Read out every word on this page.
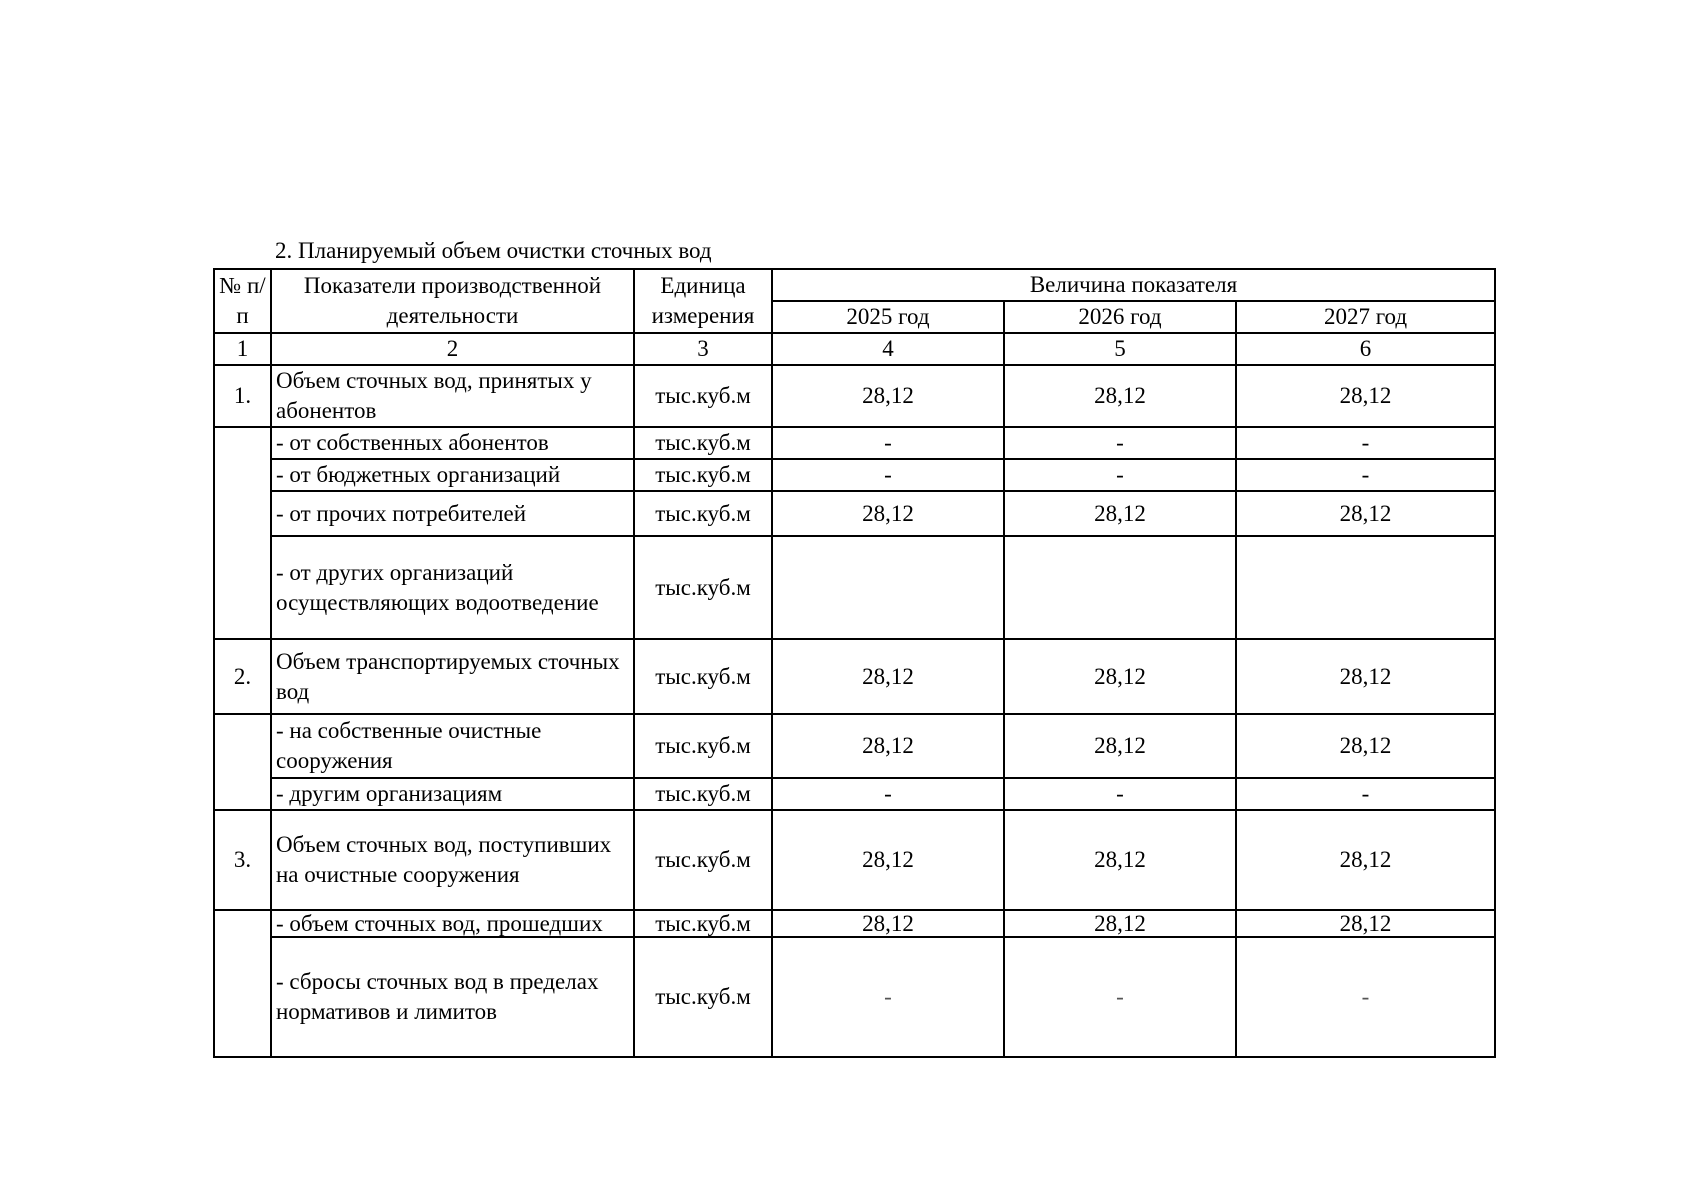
2. Планируемый объем очистки сточных вод
№ п/п	Показатели производственной деятельности	Единица измерения	Величина показателя		
			2025 год	2026 год	2027 год
1	2	3	4	5	6
1.	Объем сточных вод, принятых у абонентов	тыс.куб.м	28,12	28,12	28,12
	- от собственных абонентов	тыс.куб.м	-	-	-
	- от бюджетных организаций	тыс.куб.м	-	-	-
	- от прочих потребителей	тыс.куб.м	28,12	28,12	28,12
	- от других организаций осуществляющих водоотведение	тыс.куб.м			
2.	Объем транспортируемых сточных вод	тыс.куб.м	28,12	28,12	28,12
	- на собственные очистные сооружения	тыс.куб.м	28,12	28,12	28,12
	- другим организациям	тыс.куб.м	-	-	-
3.	Объем сточных вод, поступивших на очистные сооружения	тыс.куб.м	28,12	28,12	28,12
	- объем сточных вод, прошедших	тыс.куб.м	28,12	28,12	28,12
	- сбросы сточных вод в пределах нормативов и лимитов	тыс.куб.м	-	-	-
